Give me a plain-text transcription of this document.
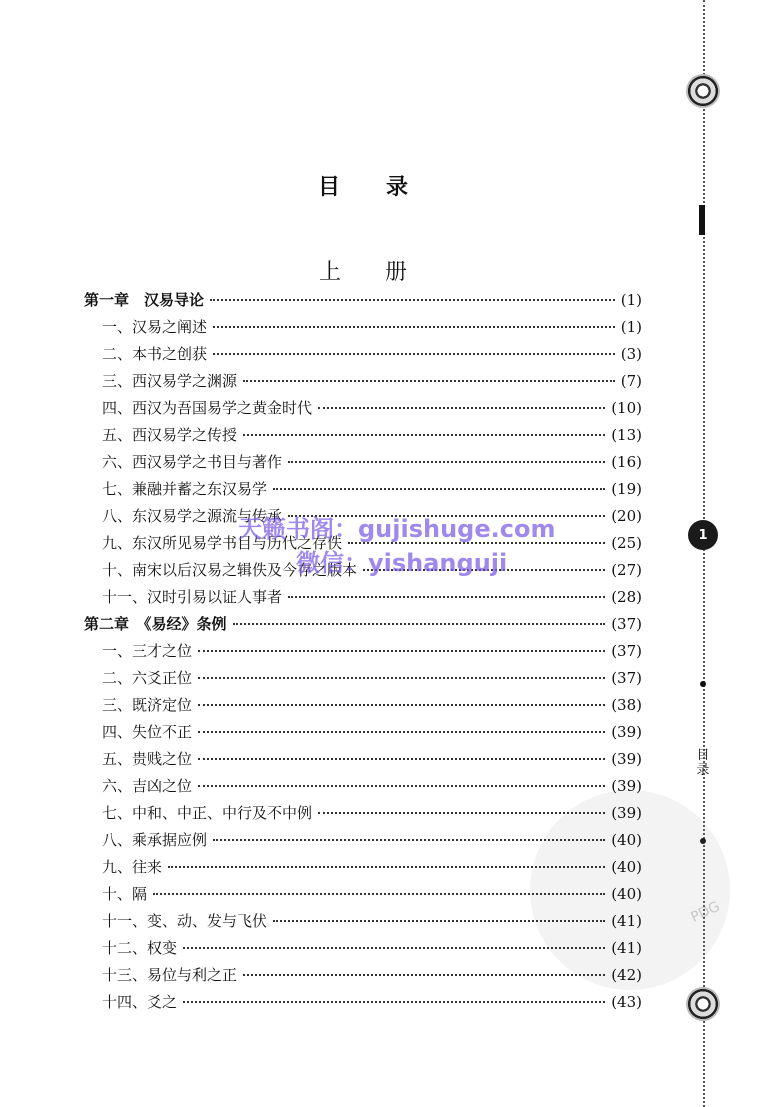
1
目录
PDG
目录
上册
第一章　汉易导论	(1)
一、汉易之阐述	(1)
二、本书之创获	(3)
三、西汉易学之渊源	(7)
四、西汉为吾国易学之黄金时代	(10)
五、西汉易学之传授	(13)
六、西汉易学之书目与著作	(16)
七、兼融并蓄之东汉易学	(19)
八、东汉易学之源流与传承	(20)
九、东汉所见易学书目与历代之存佚	(25)
十、南宋以后汉易之辑佚及今存之版本	(27)
十一、汉时引易以证人事者	(28)
第二章　《易经》条例	(37)
一、三才之位	(37)
二、六爻正位	(37)
三、既济定位	(38)
四、失位不正	(39)
五、贵贱之位	(39)
六、吉凶之位	(39)
七、中和、中正、中行及不中例	(39)
八、乘承据应例	(40)
九、往来	(40)
十、隔	(40)
十一、变、动、发与飞伏	(41)
十二、权变	(41)
十三、易位与利之正	(42)
十四、爻之	(43)
天籁书阁：gujishuge.com
微信：yishanguji
